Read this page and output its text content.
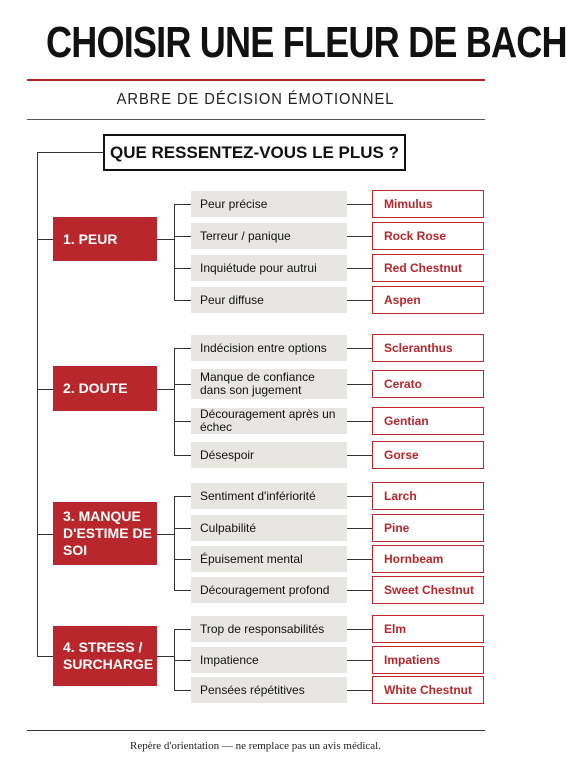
CHOISIR UNE FLEUR DE BACH
ARBRE DE DÉCISION ÉMOTIONNEL
QUE RESSENTEZ-VOUS LE PLUS ?
1. PEUR
Peur précise	Mimulus
Terreur / panique	Rock Rose
Inquiétude pour autrui	Red Chestnut
Peur diffuse	Aspen
2. DOUTE
Indécision entre options	Scleranthus
Manque de confiance dans son jugement	Cerato
Découragement après un échec	Gentian
Désespoir	Gorse
3. MANQUE D'ESTIME DE SOI
Sentiment d'infériorité	Larch
Culpabilité	Pine
Épuisement mental	Hornbeam
Découragement profond	Sweet Chestnut
4. STRESS / SURCHARGE
Trop de responsabilités	Elm
Impatience	Impatiens
Pensées répétitives	White Chestnut
Repère d'orientation — ne remplace pas un avis médical.
